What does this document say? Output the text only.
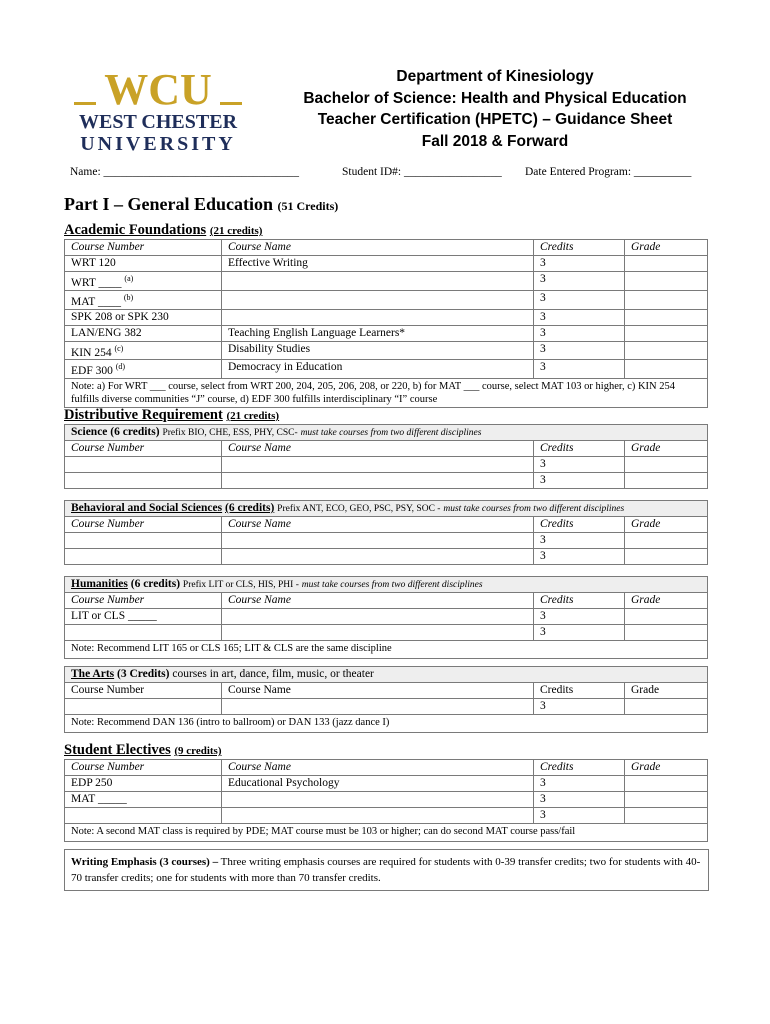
WCU
WEST CHESTER
UNIVERSITY
Department of Kinesiology
Bachelor of Science: Health and Physical Education
Teacher Certification (HPETC) – Guidance Sheet
Fall 2018 & Forward
Name: __________________________________	Student ID#: _________________ Date Entered Program: __________
Part I – General Education (51 Credits)
Academic Foundations (21 credits)
Course Number	Course Name	Credits	Grade
WRT 120	Effective Writing	3	
WRT ____ $^{(a)}$		3	
MAT ____ $^{(b)}$		3	
SPK 208 or SPK 230		3	
LAN/ENG 382	Teaching English Language Learners*	3	
KIN 254 $^{(c)}$	Disability Studies	3	
EDF 300 $^{(d)}$	Democracy in Education	3	
Note: a) For WRT ___ course, select from WRT 200, 204, 205, 206, 208, or 220, b) for MAT ___ course, select MAT 103 or higher, c) KIN 254 fulfills diverse communities “J” course, d) EDF 300 fulfills interdisciplinary “I” course			
Distributive Requirement (21 credits)
Science (6 credits) Prefix BIO, CHE, ESS, PHY, CSC- must take courses from two different disciplines			
Course Number	Course Name	Credits	Grade
		3	
		3	
Behavioral and Social Sciences (6 credits) Prefix ANT, ECO, GEO, PSC, PSY, SOC - must take courses from two different disciplines			
Course Number	Course Name	Credits	Grade
		3	
		3	
Humanities (6 credits) Prefix LIT or CLS, HIS, PHI - must take courses from two different disciplines			
Course Number	Course Name	Credits	Grade
LIT or CLS _____		3	
		3	
Note: Recommend LIT 165 or CLS 165; LIT & CLS are the same discipline			
The Arts (3 Credits) courses in art, dance, film, music, or theater			
Course Number	Course Name	Credits	Grade
		3	
Note: Recommend DAN 136 (intro to ballroom) or DAN 133 (jazz dance I)			
Student Electives (9 credits)
Course Number	Course Name	Credits	Grade
EDP 250	Educational Psychology	3	
MAT _____		3	
		3	
Note: A second MAT class is required by PDE; MAT course must be 103 or higher; can do second MAT course pass/fail			
Writing Emphasis (3 courses) – Three writing emphasis courses are required for students with 0-39 transfer credits; two for students with 40-70 transfer credits; one for students with more than 70 transfer credits.
